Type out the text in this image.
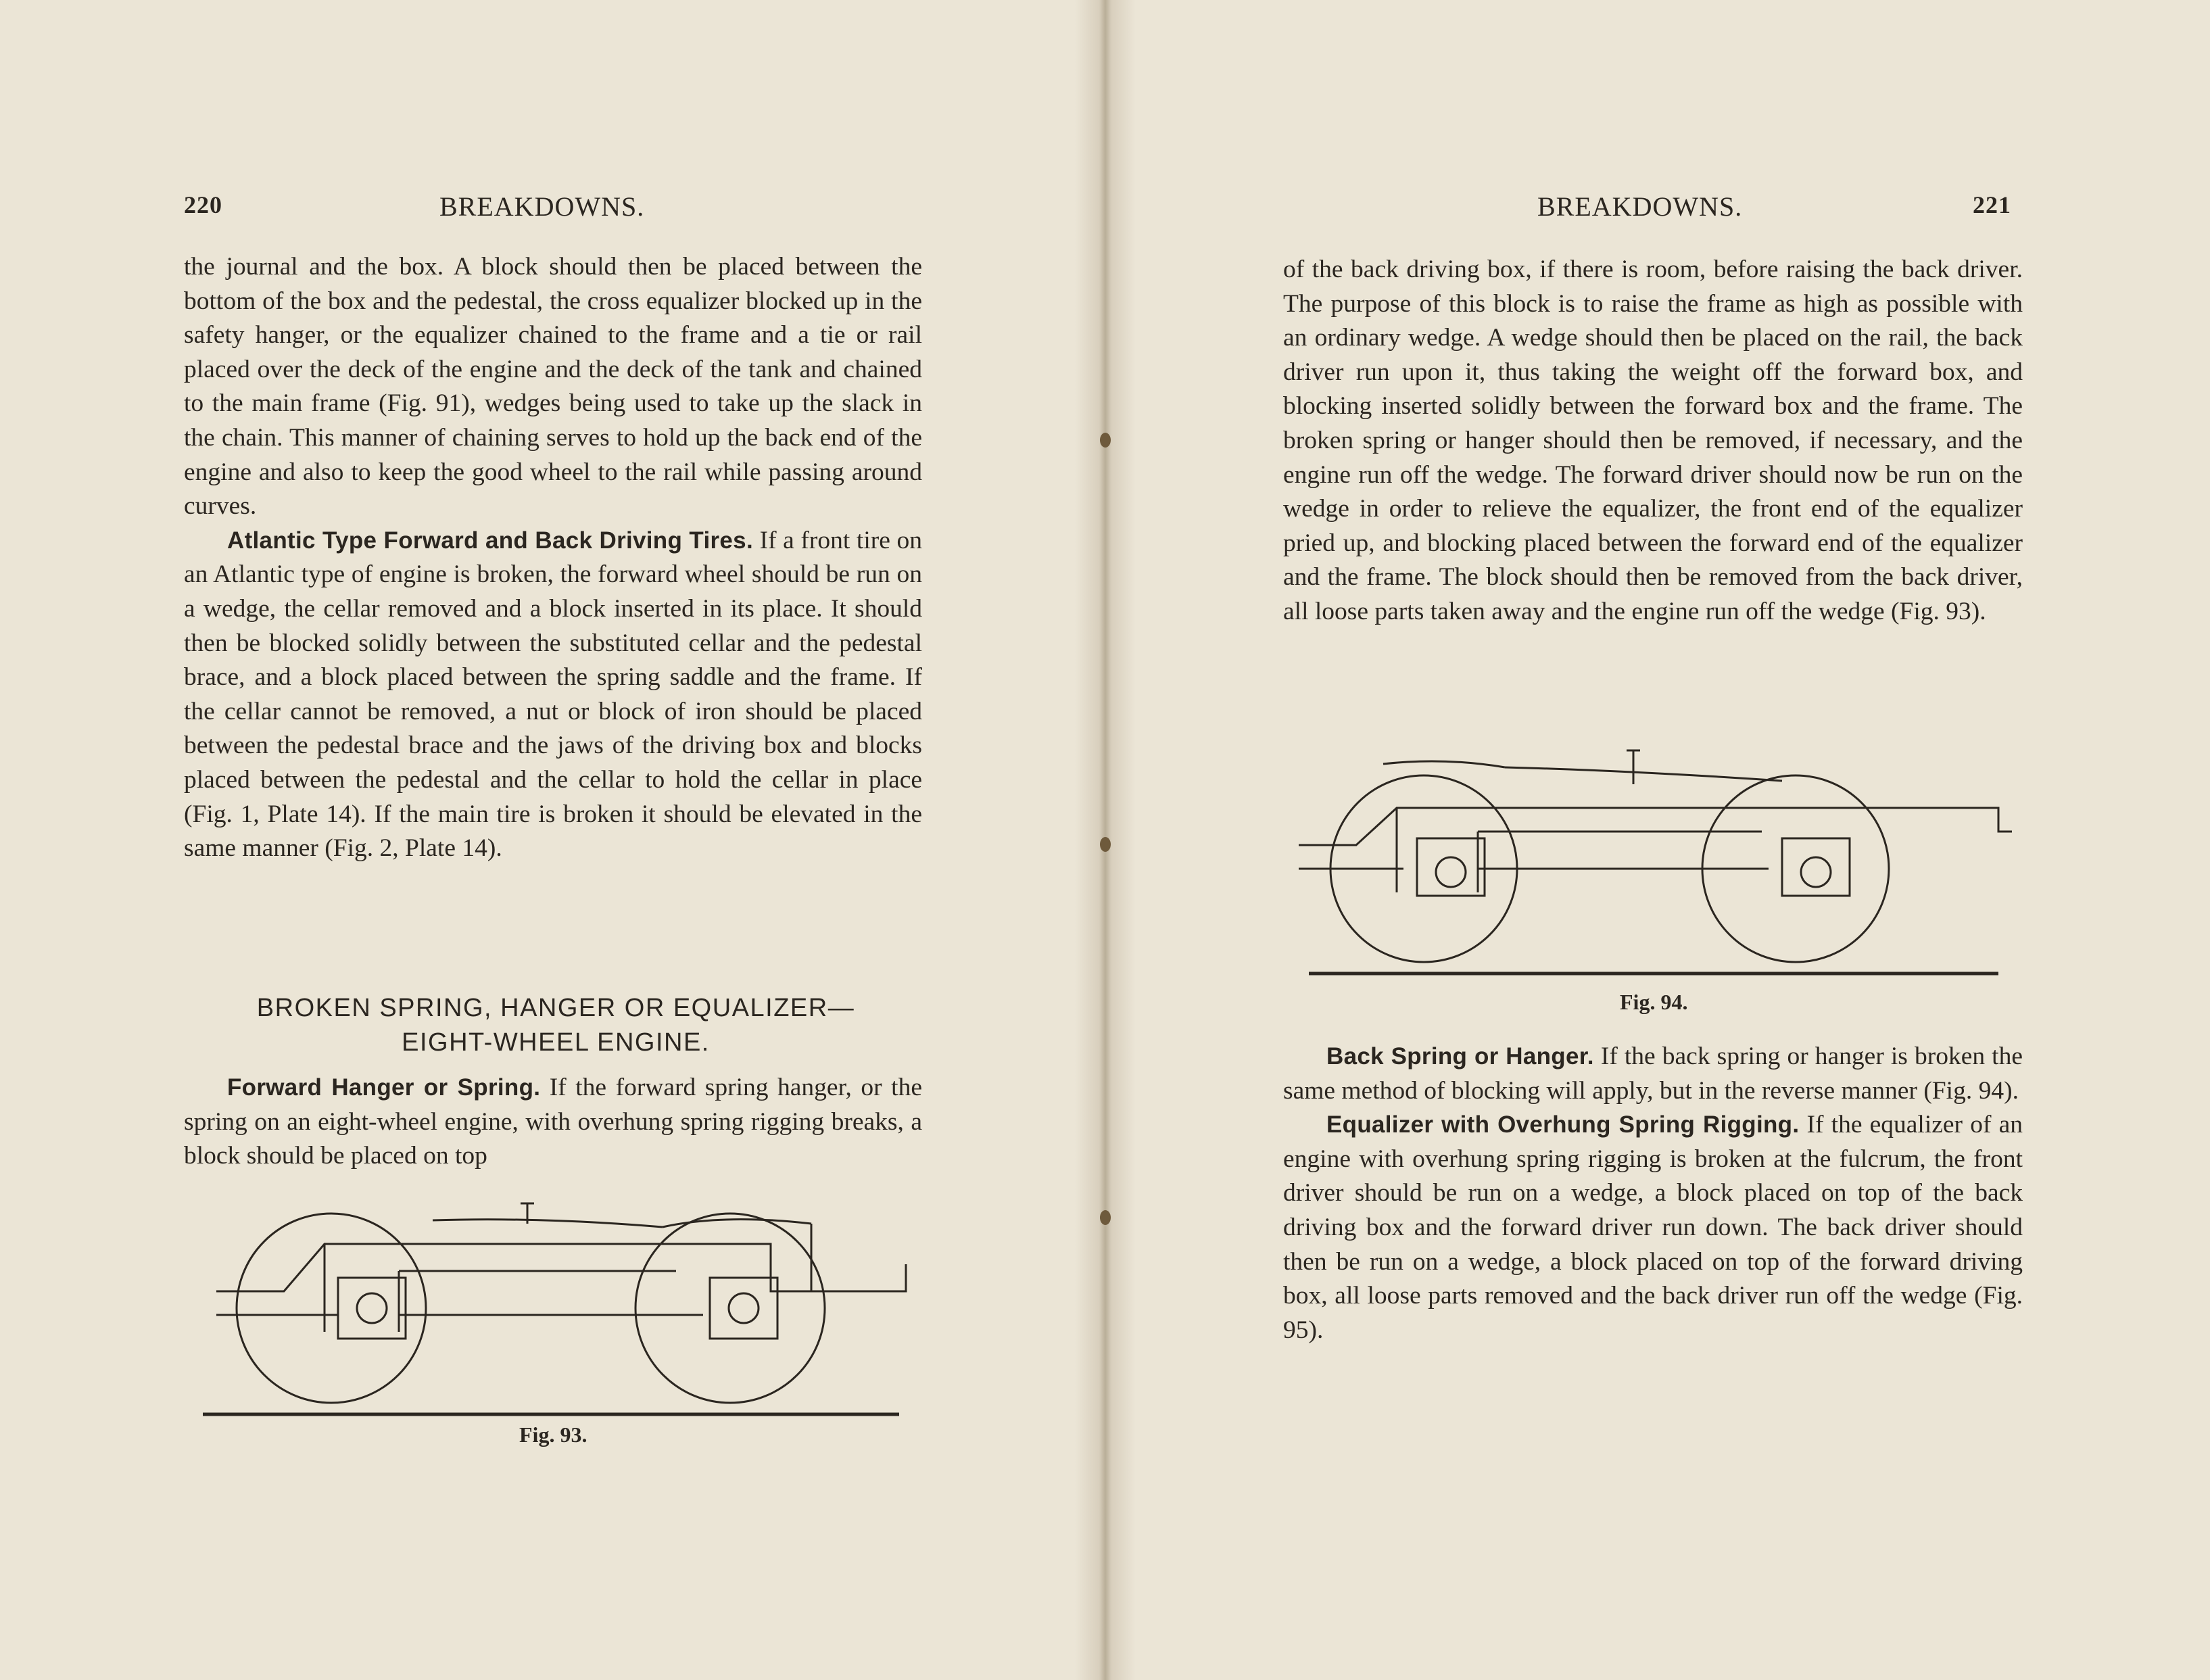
220	BREAKDOWNS.

the journal and the box. A block should then be placed between the bottom of the box and the pedestal, the cross equalizer blocked up in the safety hanger, or the equalizer chained to the frame and a tie or rail placed over the deck of the engine and the deck of the tank and chained to the main frame (Fig. 91), wedges being used to take up the slack in the chain. This manner of chaining serves to hold up the back end of the engine and also to keep the good wheel to the rail while passing around curves.

Atlantic Type Forward and Back Driving Tires. If a front tire on an Atlantic type of engine is broken, the forward wheel should be run on a wedge, the cellar removed and a block inserted in its place. It should then be blocked solidly between the substituted cellar and the pedestal brace, and a block placed between the spring saddle and the frame. If the cellar cannot be removed, a nut or block of iron should be placed between the pedestal brace and the jaws of the driving box and blocks placed between the pedestal and the cellar to hold the cellar in place (Fig. 1, Plate 14). If the main tire is broken it should be elevated in the same manner (Fig. 2, Plate 14).

BROKEN SPRING, HANGER OR EQUALIZER—
EIGHT-WHEEL ENGINE.

Forward Hanger or Spring. If the forward spring hanger, or the spring on an eight-wheel engine, with overhung spring rigging breaks, a block should be placed on top

Fig. 93.
BREAKDOWNS.	221

of the back driving box, if there is room, before raising the back driver. The purpose of this block is to raise the frame as high as possible with an ordinary wedge. A wedge should then be placed on the rail, the back driver run upon it, thus taking the weight off the forward box, and blocking inserted solidly between the forward box and the frame. The broken spring or hanger should then be removed, if necessary, and the engine run off the wedge. The forward driver should now be run on the wedge in order to relieve the equalizer, the front end of the equalizer pried up, and blocking placed between the forward end of the equalizer and the frame. The block should then be removed from the back driver, all loose parts taken away and the engine run off the wedge (Fig. 93).

Fig. 94.

Back Spring or Hanger. If the back spring or hanger is broken the same method of blocking will apply, but in the reverse manner (Fig. 94).

Equalizer with Overhung Spring Rigging. If the equalizer of an engine with overhung spring rigging is broken at the fulcrum, the front driver should be run on a wedge, a block placed on top of the back driving box and the forward driver run down. The back driver should then be run on a wedge, a block placed on top of the forward driving box, all loose parts removed and the back driver run off the wedge (Fig. 95).
